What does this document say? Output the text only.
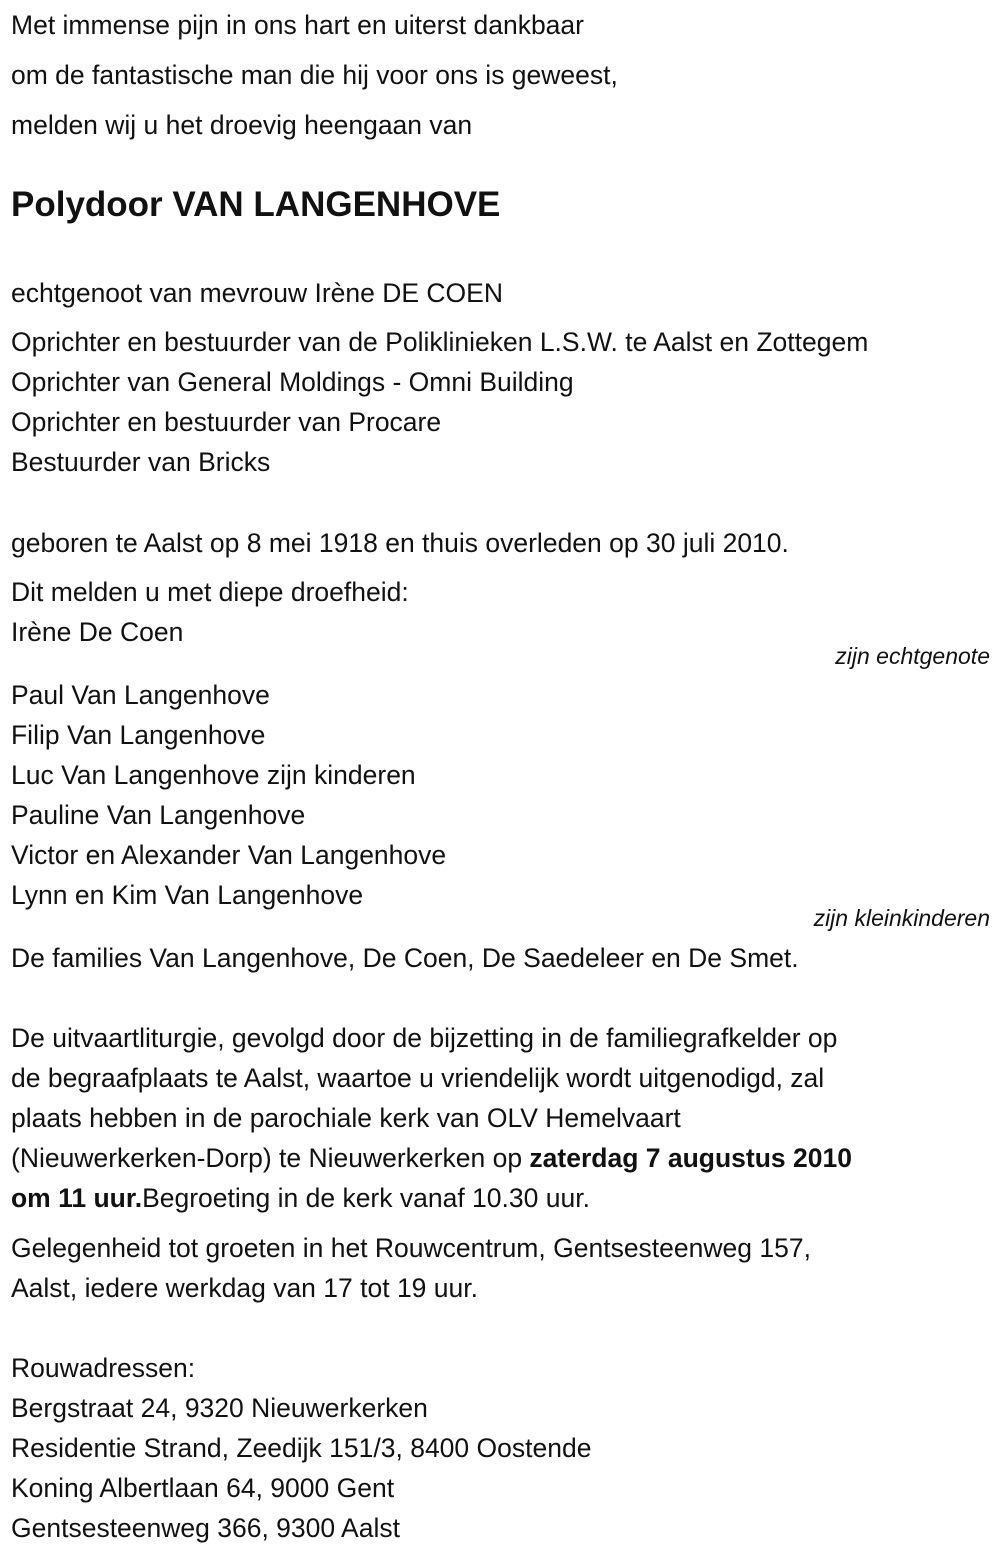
Met immense pijn in ons hart en uiterst dankbaar
om de fantastische man die hij voor ons is geweest,
melden wij u het droevig heengaan van
Polydoor VAN LANGENHOVE
echtgenoot van mevrouw Irène DE COEN
Oprichter en bestuurder van de Poliklinieken L.S.W. te Aalst en Zottegem
Oprichter van General Moldings - Omni Building
Oprichter en bestuurder van Procare
Bestuurder van Bricks
geboren te Aalst op 8 mei 1918 en thuis overleden op 30 juli 2010.
Dit melden u met diepe droefheid:
Irène De Coen
zijn echtgenote
Paul Van Langenhove
Filip Van Langenhove
Luc Van Langenhove zijn kinderen
Pauline Van Langenhove
Victor en Alexander Van Langenhove
Lynn en Kim Van Langenhove
zijn kleinkinderen
De families Van Langenhove, De Coen, De Saedeleer en De Smet.
De uitvaartliturgie, gevolgd door de bijzetting in de familiegrafkelder op
de begraafplaats te Aalst, waartoe u vriendelijk wordt uitgenodigd, zal
plaats hebben in de parochiale kerk van OLV Hemelvaart
(Nieuwerkerken-Dorp) te Nieuwerkerken op zaterdag 7 augustus 2010
om 11 uur.Begroeting in de kerk vanaf 10.30 uur.
Gelegenheid tot groeten in het Rouwcentrum, Gentsesteenweg 157,
Aalst, iedere werkdag van 17 tot 19 uur.
Rouwadressen:
Bergstraat 24, 9320 Nieuwerkerken
Residentie Strand, Zeedijk 151/3, 8400 Oostende
Koning Albertlaan 64, 9000 Gent
Gentsesteenweg 366, 9300 Aalst
